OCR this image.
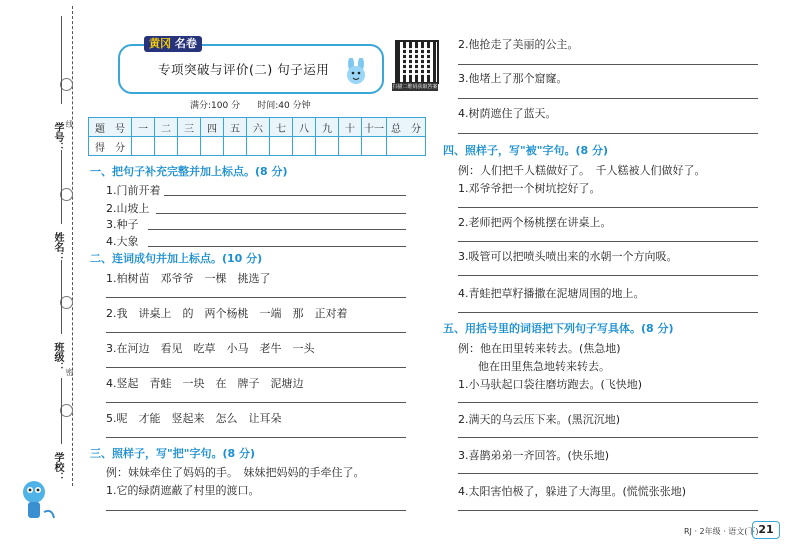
学号： 线
姓名：
班级： 密
学校：
黄冈 名卷
专项突破与评价(二) 句子运用
扫描二维码获取答案
满分:100 分 时间:40 分钟
题　号	一	二	三	四	五	六	七	八	九	十	十一	总　分
得　分												
一、把句子补充完整并加上标点。(8 分)
1.门前开着
2.山坡上
3.种子
4.大象
二、连词成句并加上标点。(10 分)
1.柏树苗　邓爷爷　一棵　挑选了
2.我　讲桌上　的　两个杨桃　一端　那　正对着
3.在河边　看见　吃草　小马　老牛　一头
4.竖起　青蛙　一块　在　牌子　泥塘边
5.呢　才能　竖起来　怎么　让耳朵
三、照样子，写"把"字句。(8 分)
例：妹妹牵住了妈妈的手。　妹妹把妈妈的手牵住了。
1.它的绿荫遮蔽了村里的渡口。
2.他抢走了美丽的公主。
3.他堵上了那个窟窿。
4.树荫遮住了蓝天。
四、照样子，写"被"字句。(8 分)
例：人们把千人糕做好了。　千人糕被人们做好了。
1.邓爷爷把一个树坑挖好了。
2.老师把两个杨桃摆在讲桌上。
3.吸管可以把喷头喷出来的水朝一个方向吸。
4.青蛙把草籽播撒在泥塘周围的地上。
五、用括号里的词语把下列句子写具体。(8 分)
例：他在田里转来转去。(焦急地)
他在田里焦急地转来转去。
1.小马驮起口袋往磨坊跑去。(飞快地)
2.满天的乌云压下来。(黑沉沉地)
3.喜鹊弟弟一齐回答。(快乐地)
4.太阳害怕极了，躲进了大海里。(慌慌张张地)
RJ · 2年级 · 语文(下) 21
